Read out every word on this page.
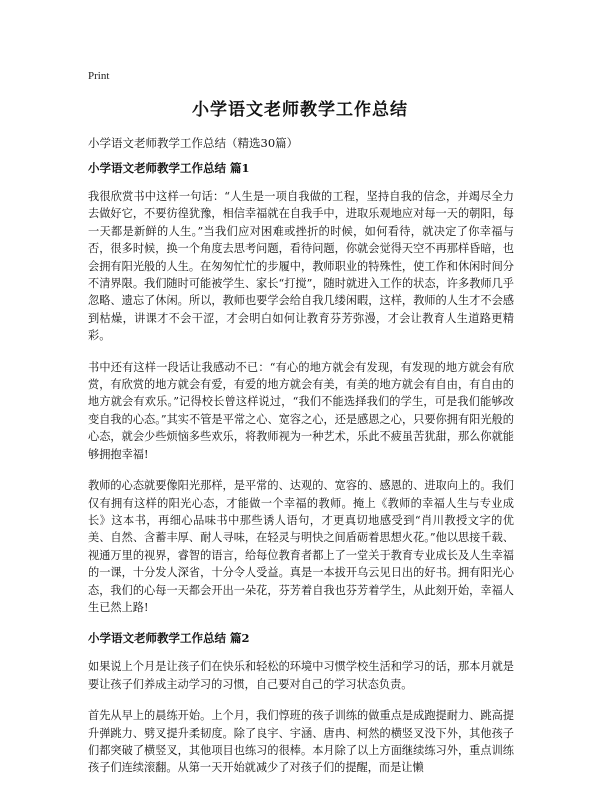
Print
小学语文老师教学工作总结
小学语文老师教学工作总结（精选30篇）
小学语文老师教学工作总结 篇1

我很欣赏书中这样一句话：“人生是一项自我做的工程，坚持自我的信念，并竭尽全力去做好它，不要彷徨犹豫，相信幸福就在自我手中，进取乐观地应对每一天的朝阳，每一天都是新鲜的人生。”当我们应对困难或挫折的时候，如何看待，就决定了你幸福与否，很多时候，换一个角度去思考问题，看待问题，你就会觉得天空不再那样昏暗，也会拥有阳光般的人生。在匆匆忙忙的步履中，教师职业的特殊性，使工作和休闲时间分不清界限。我们随时可能被学生、家长“打搅”，随时就进入工作的状态，许多教师几乎忽略、遗忘了休闲。所以，教师也要学会给自我几缕闲暇，这样，教师的人生才不会感到枯燥，讲课才不会干涩，才会明白如何让教育芬芳弥漫，才会让教育人生道路更精彩。

书中还有这样一段话让我感动不已：“有心的地方就会有发现，有发现的地方就会有欣赏，有欣赏的地方就会有爱，有爱的地方就会有美，有美的地方就会有自由，有自由的地方就会有欢乐。”记得校长曾这样说过，“我们不能选择我们的学生，可是我们能够改变自我的心态。”其实不管是平常之心、宽容之心，还是感恩之心，只要你拥有阳光般的心态，就会少些烦恼多些欢乐，将教师视为一种艺术，乐此不疲虽苦犹甜，那么你就能够拥抱幸福!

教师的心态就要像阳光那样，是平常的、达观的、宽容的、感恩的、进取向上的。我们仅有拥有这样的阳光心态，才能做一个幸福的教师。掩上《教师的幸福人生与专业成长》这本书，再细心品味书中那些诱人语句，才更真切地感受到“肖川教授文字的优美、自然、含蓄丰厚、耐人寻味，在轻灵与明快之间盾砺着思想火花。”他以思接千载、视通万里的视界，睿智的语言，给每位教育者都上了一堂关于教育专业成长及人生幸福的一课，十分发人深省，十分令人受益。真是一本拔开乌云见日出的好书。拥有阳光心态，我们的心每一天都会开出一朵花，芬芳着自我也芬芳着学生，从此刻开始，幸福人生已然上路!

小学语文老师教学工作总结 篇2

如果说上个月是让孩子们在快乐和轻松的环境中习惯学校生活和学习的话，那本月就是要让孩子们养成主动学习的习惯，自己要对自己的学习状态负责。

首先从早上的晨练开始。上个月，我们惇班的孩子训练的做重点是成跑提耐力、跳高提升弹跳力、劈叉提升柔韧度。除了良宇、宇涵、唐冉、柯然的横竖叉没下外，其他孩子们都突破了横竖叉，其他项目也练习的很棒。本月除了以上方面继续练习外，重点训练孩子们连续滚翻。从第一天开始就减少了对孩子们的提醒，而是让懒
